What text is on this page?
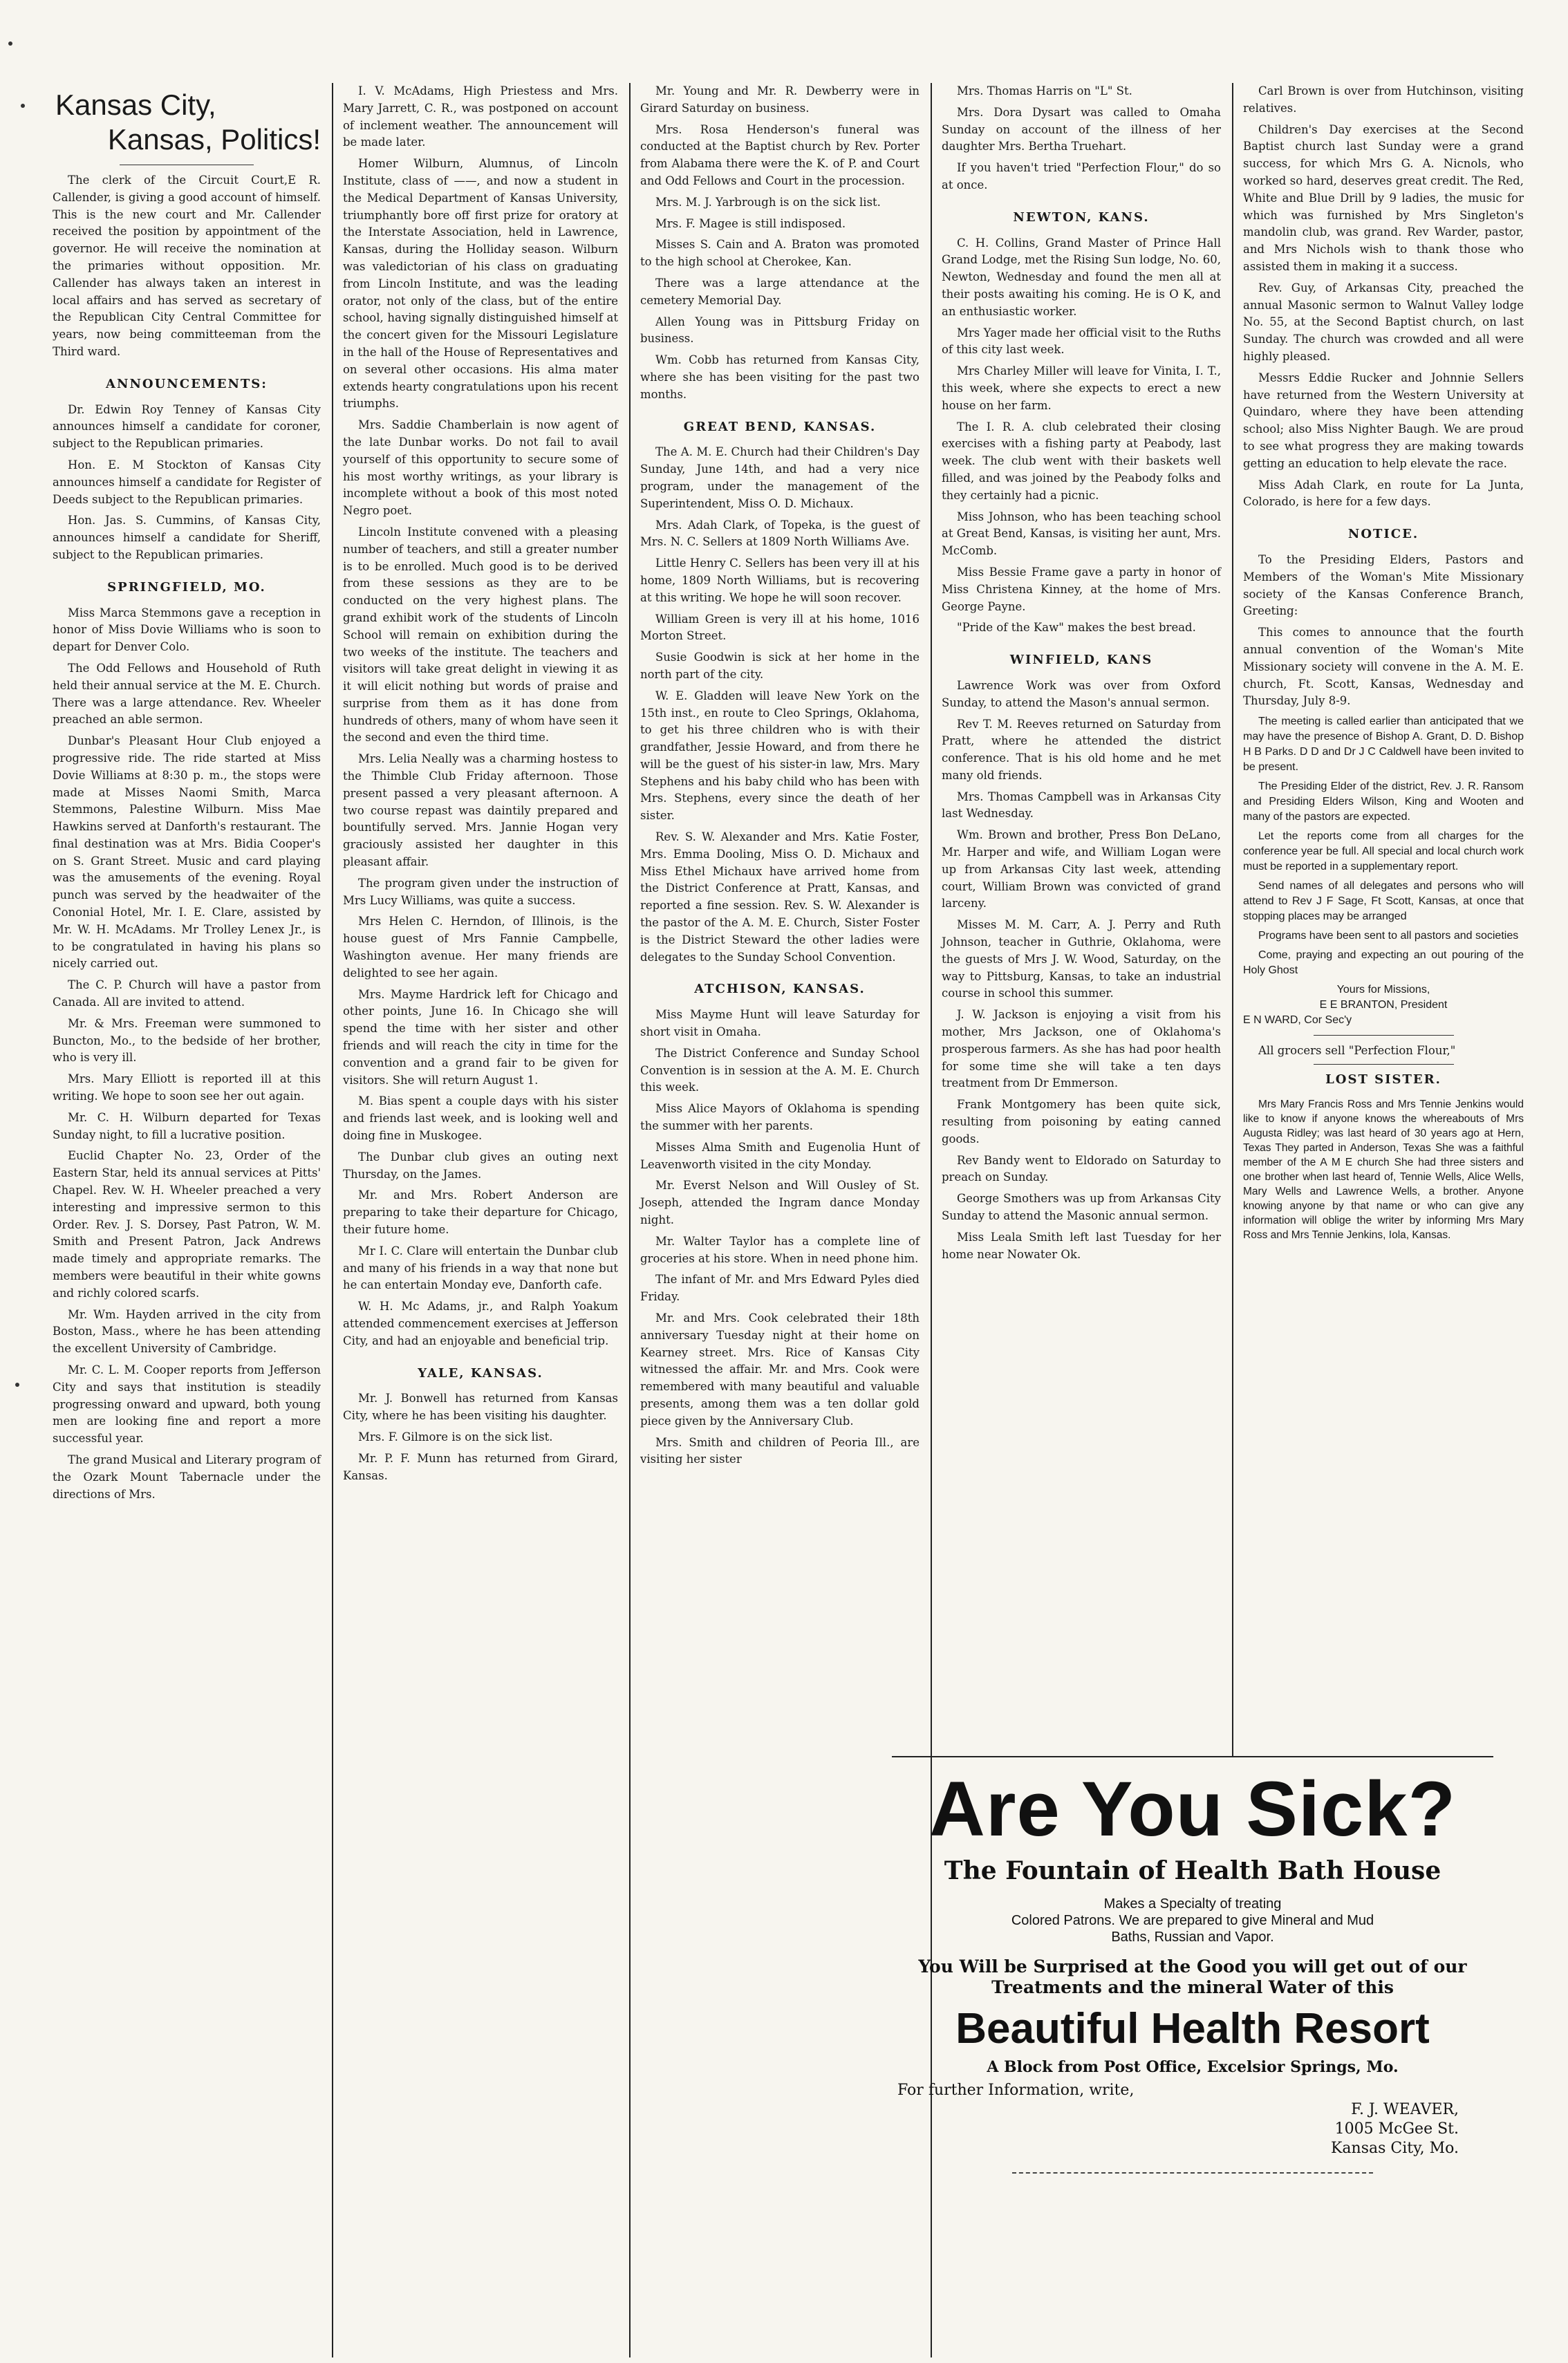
Kansas City,
Kansas, Politics!

The clerk of the Circuit Court,E R. Callender, is giving a good account of himself. This is the new court and Mr. Callender received the position by appointment of the governor. He will receive the nomination at the primaries without opposition. Mr. Callender has always taken an interest in local affairs and has served as secretary of the Republican City Central Committee for years, now being committeeman from the Third ward.

ANNOUNCEMENTS:

Dr. Edwin Roy Tenney of Kansas City announces himself a candidate for coroner, subject to the Republican primaries.

Hon. E. M Stockton of Kansas City announces himself a candidate for Register of Deeds subject to the Republican primaries.

Hon. Jas. S. Cummins, of Kansas City, announces himself a candidate for Sheriff, subject to the Republican primaries.

SPRINGFIELD, MO.

Miss Marca Stemmons gave a reception in honor of Miss Dovie Williams who is soon to depart for Denver Colo.

The Odd Fellows and Household of Ruth held their annual service at the M. E. Church. There was a large attendance. Rev. Wheeler preached an able sermon.

Dunbar's Pleasant Hour Club enjoyed a progressive ride. The ride started at Miss Dovie Williams at 8:30 p. m., the stops were made at Misses Naomi Smith, Marca Stemmons, Palestine Wilburn. Miss Mae Hawkins served at Danforth's restaurant. The final destination was at Mrs. Bidia Cooper's on S. Grant Street. Music and card playing was the amusements of the evening. Royal punch was served by the headwaiter of the Cononial Hotel, Mr. I. E. Clare, assisted by Mr. W. H. McAdams. Mr Trolley Lenex Jr., is to be congratulated in having his plans so nicely carried out.

The C. P. Church will have a pastor from Canada. All are invited to attend.

Mr. & Mrs. Freeman were summoned to Buncton, Mo., to the bedside of her brother, who is very ill.

Mrs. Mary Elliott is reported ill at this writing. We hope to soon see her out again.

Mr. C. H. Wilburn departed for Texas Sunday night, to fill a lucrative position.

Euclid Chapter No. 23, Order of the Eastern Star, held its annual services at Pitts' Chapel. Rev. W. H. Wheeler preached a very interesting and impressive sermon to this Order. Rev. J. S. Dorsey, Past Patron, W. M. Smith and Present Patron, Jack Andrews made timely and appropriate remarks. The members were beautiful in their white gowns and richly colored scarfs.

Mr. Wm. Hayden arrived in the city from Boston, Mass., where he has been attending the excellent University of Cambridge.

Mr. C. L. M. Cooper reports from Jefferson City and says that institution is steadily progressing onward and upward, both young men are looking fine and report a more successful year.

The grand Musical and Literary program of the Ozark Mount Tabernacle under the directions of Mrs.

I. V. McAdams, High Priestess and Mrs. Mary Jarrett, C. R., was postponed on account of inclement weather. The announcement will be made later.

Homer Wilburn, Alumnus, of Lincoln Institute, class of ——, and now a student in the Medical Department of Kansas University, triumphantly bore off first prize for oratory at the Interstate Association, held in Lawrence, Kansas, during the Holliday season. Wilburn was valedictorian of his class on graduating from Lincoln Institute, and was the leading orator, not only of the class, but of the entire school, having signally distinguished himself at the concert given for the Missouri Legislature in the hall of the House of Representatives and on several other occasions. His alma mater extends hearty congratulations upon his recent triumphs.

Mrs. Saddie Chamberlain is now agent of the late Dunbar works. Do not fail to avail yourself of this opportunity to secure some of his most worthy writings, as your library is incomplete without a book of this most noted Negro poet.

Lincoln Institute convened with a pleasing number of teachers, and still a greater number is to be enrolled. Much good is to be derived from these sessions as they are to be conducted on the very highest plans. The grand exhibit work of the students of Lincoln School will remain on exhibition during the two weeks of the institute. The teachers and visitors will take great delight in viewing it as it will elicit nothing but words of praise and surprise from them as it has done from hundreds of others, many of whom have seen it the second and even the third time.

Mrs. Lelia Neally was a charming hostess to the Thimble Club Friday afternoon. Those present passed a very pleasant afternoon. A two course repast was daintily prepared and bountifully served. Mrs. Jannie Hogan very graciously assisted her daughter in this pleasant affair.

The program given under the instruction of Mrs Lucy Williams, was quite a success.

Mrs Helen C. Herndon, of Illinois, is the house guest of Mrs Fannie Campbelle, Washington avenue. Her many friends are delighted to see her again.

Mrs. Mayme Hardrick left for Chicago and other points, June 16. In Chicago she will spend the time with her sister and other friends and will reach the city in time for the convention and a grand fair to be given for visitors. She will return August 1.

M. Bias spent a couple days with his sister and friends last week, and is looking well and doing fine in Muskogee.

The Dunbar club gives an outing next Thursday, on the James.

Mr. and Mrs. Robert Anderson are preparing to take their departure for Chicago, their future home.

Mr I. C. Clare will entertain the Dunbar club and many of his friends in a way that none but he can entertain Monday eve, Danforth cafe.

W. H. Mc Adams, jr., and Ralph Yoakum attended commencement exercises at Jefferson City, and had an enjoyable and beneficial trip.

YALE, KANSAS.

Mr. J. Bonwell has returned from Kansas City, where he has been visiting his daughter.

Mrs. F. Gilmore is on the sick list.

Mr. P. F. Munn has returned from Girard, Kansas.

Mr. Young and Mr. R. Dewberry were in Girard Saturday on business.

Mrs. Rosa Henderson's funeral was conducted at the Baptist church by Rev. Porter from Alabama there were the K. of P. and Court and Odd Fellows and Court in the procession.

Mrs. M. J. Yarbrough is on the sick list.

Mrs. F. Magee is still indisposed.

Misses S. Cain and A. Braton was promoted to the high school at Cherokee, Kan.

There was a large attendance at the cemetery Memorial Day.

Allen Young was in Pittsburg Friday on business.

Wm. Cobb has returned from Kansas City, where she has been visiting for the past two months.

GREAT BEND, KANSAS.

The A. M. E. Church had their Children's Day Sunday, June 14th, and had a very nice program, under the management of the Superintendent, Miss O. D. Michaux.

Mrs. Adah Clark, of Topeka, is the guest of Mrs. N. C. Sellers at 1809 North Williams Ave.

Little Henry C. Sellers has been very ill at his home, 1809 North Williams, but is recovering at this writing. We hope he will soon recover.

William Green is very ill at his home, 1016 Morton Street.

Susie Goodwin is sick at her home in the north part of the city.

W. E. Gladden will leave New York on the 15th inst., en route to Cleo Springs, Oklahoma, to get his three children who is with their grandfather, Jessie Howard, and from there he will be the guest of his sister-in law, Mrs. Mary Stephens and his baby child who has been with Mrs. Stephens, every since the death of her sister.

Rev. S. W. Alexander and Mrs. Katie Foster, Mrs. Emma Dooling, Miss O. D. Michaux and Miss Ethel Michaux have arrived home from the District Conference at Pratt, Kansas, and reported a fine session. Rev. S. W. Alexander is the pastor of the A. M. E. Church, Sister Foster is the District Steward the other ladies were delegates to the Sunday School Convention.

ATCHISON, KANSAS.

Miss Mayme Hunt will leave Saturday for short visit in Omaha.

The District Conference and Sunday School Convention is in session at the A. M. E. Church this week.

Miss Alice Mayors of Oklahoma is spending the summer with her parents.

Misses Alma Smith and Eugenolia Hunt of Leavenworth visited in the city Monday.

Mr. Everst Nelson and Will Ousley of St. Joseph, attended the Ingram dance Monday night.

Mr. Walter Taylor has a complete line of groceries at his store. When in need phone him.

The infant of Mr. and Mrs Edward Pyles died Friday.

Mr. and Mrs. Cook celebrated their 18th anniversary Tuesday night at their home on Kearney street. Mrs. Rice of Kansas City witnessed the affair. Mr. and Mrs. Cook were remembered with many beautiful and valuable presents, among them was a ten dollar gold piece given by the Anniversary Club.

Mrs. Smith and children of Peoria Ill., are visiting her sister

Mrs. Thomas Harris on "L" St.

Mrs. Dora Dysart was called to Omaha Sunday on account of the illness of her daughter Mrs. Bertha Truehart.

If you haven't tried "Perfection Flour," do so at once.

NEWTON, KANS.

C. H. Collins, Grand Master of Prince Hall Grand Lodge, met the Rising Sun lodge, No. 60, Newton, Wednesday and found the men all at their posts awaiting his coming. He is O K, and an enthusiastic worker.

Mrs Yager made her official visit to the Ruths of this city last week.

Mrs Charley Miller will leave for Vinita, I. T., this week, where she expects to erect a new house on her farm.

The I. R. A. club celebrated their closing exercises with a fishing party at Peabody, last week. The club went with their baskets well filled, and was joined by the Peabody folks and they certainly had a picnic.

Miss Johnson, who has been teaching school at Great Bend, Kansas, is visiting her aunt, Mrs. McComb.

Miss Bessie Frame gave a party in honor of Miss Christena Kinney, at the home of Mrs. George Payne.

"Pride of the Kaw" makes the best bread.

WINFIELD, KANS

Lawrence Work was over from Oxford Sunday, to attend the Mason's annual sermon.

Rev T. M. Reeves returned on Saturday from Pratt, where he attended the district conference. That is his old home and he met many old friends.

Mrs. Thomas Campbell was in Arkansas City last Wednesday.

Wm. Brown and brother, Press Bon DeLano, Mr. Harper and wife, and William Logan were up from Arkansas City last week, attending court, William Brown was convicted of grand larceny.

Misses M. M. Carr, A. J. Perry and Ruth Johnson, teacher in Guthrie, Oklahoma, were the guests of Mrs J. W. Wood, Saturday, on the way to Pittsburg, Kansas, to take an industrial course in school this summer.

J. W. Jackson is enjoying a visit from his mother, Mrs Jackson, one of Oklahoma's prosperous farmers. As she has had poor health for some time she will take a ten days treatment from Dr Emmerson.

Frank Montgomery has been quite sick, resulting from poisoning by eating canned goods.

Rev Bandy went to Eldorado on Saturday to preach on Sunday.

George Smothers was up from Arkansas City Sunday to attend the Masonic annual sermon.

Miss Leala Smith left last Tuesday for her home near Nowater Ok.

Carl Brown is over from Hutchinson, visiting relatives.

Children's Day exercises at the Second Baptist church last Sunday were a grand success, for which Mrs G. A. Nicnols, who worked so hard, deserves great credit. The Red, White and Blue Drill by 9 ladies, the music for which was furnished by Mrs Singleton's mandolin club, was grand. Rev Warder, pastor, and Mrs Nichols wish to thank those who assisted them in making it a success.

Rev. Guy, of Arkansas City, preached the annual Masonic sermon to Walnut Valley lodge No. 55, at the Second Baptist church, on last Sunday. The church was crowded and all were highly pleased.

Messrs Eddie Rucker and Johnnie Sellers have returned from the Western University at Quindaro, where they have been attending school; also Miss Nighter Baugh. We are proud to see what progress they are making towards getting an education to help elevate the race.

Miss Adah Clark, en route for La Junta, Colorado, is here for a few days.

NOTICE.

To the Presiding Elders, Pastors and Members of the Woman's Mite Missionary society of the Kansas Conference Branch, Greeting:

This comes to announce that the fourth annual convention of the Woman's Mite Missionary society will convene in the A. M. E. church, Ft. Scott, Kansas, Wednesday and Thursday, July 8-9.

The meeting is called earlier than anticipated that we may have the presence of Bishop A. Grant, D. D. Bishop H B Parks. D D and Dr J C Caldwell have been invited to be present.

The Presiding Elder of the district, Rev. J. R. Ransom and Presiding Elders Wilson, King and Wooten and many of the pastors are expected.

Let the reports come from all charges for the conference year be full. All special and local church work must be reported in a supplementary report.

Send names of all delegates and persons who will attend to Rev J F Sage, Ft Scott, Kansas, at once that stopping places may be arranged

Programs have been sent to all pastors and societies

Come, praying and expecting an out pouring of the Holy Ghost

Yours for Missions,

E E BRANTON, President

E N WARD, Cor Sec'y

All grocers sell "Perfection Flour,"

LOST SISTER.

Mrs Mary Francis Ross and Mrs Tennie Jenkins would like to know if anyone knows the whereabouts of Mrs Augusta Ridley; was last heard of 30 years ago at Hern, Texas They parted in Anderson, Texas She was a faithful member of the A M E church She had three sisters and one brother when last heard of, Tennie Wells, Alice Wells, Mary Wells and Lawrence Wells, a brother. Anyone knowing anyone by that name or who can give any information will oblige the writer by informing Mrs Mary Ross and Mrs Tennie Jenkins, Iola, Kansas.

Are You Sick?
The Fountain of Health Bath House
Makes a Specialty of treating
Colored Patrons. We are prepared to give Mineral and Mud
Baths, Russian and Vapor.
You Will be Surprised at the Good you will get out of our
Treatments and the mineral Water of this
Beautiful Health Resort
A Block from Post Office, Excelsior Springs, Mo.
For further Information, write,
F. J. WEAVER,
1005 McGee St.
Kansas City, Mo.
